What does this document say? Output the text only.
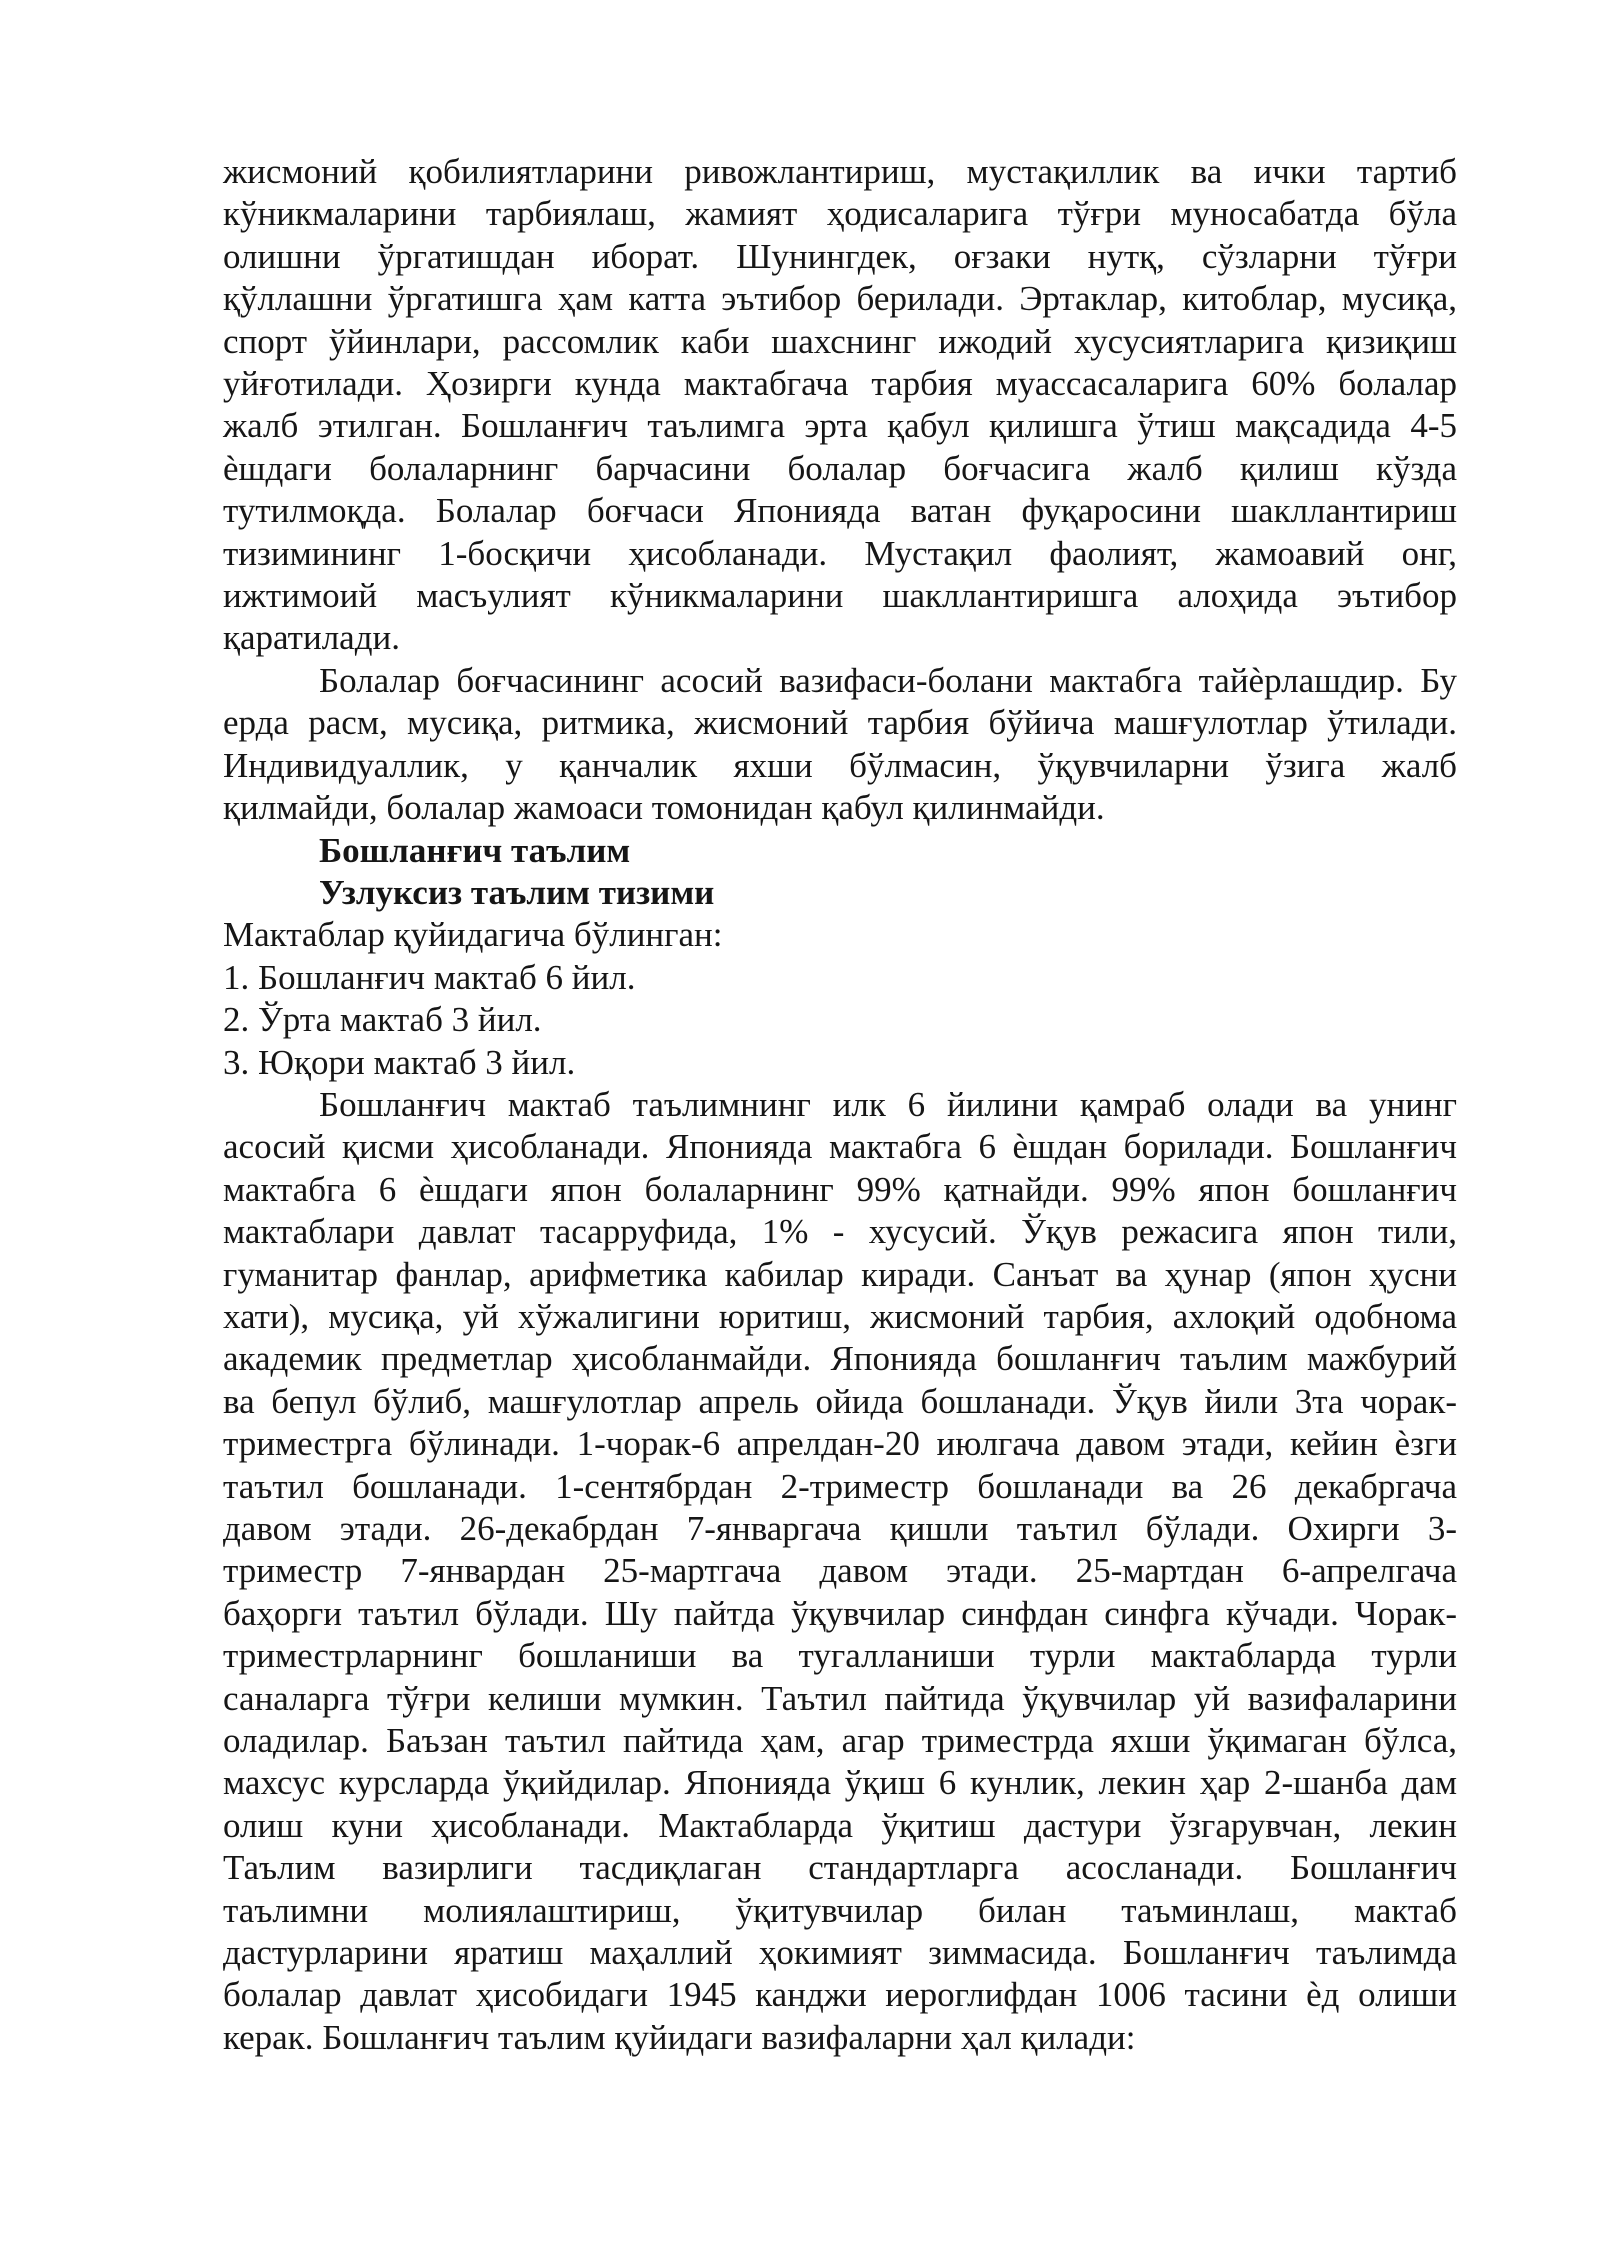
жисмоний қобилиятларини ривожлантириш, мустақиллик ва ички тартиб
кўникмаларини тарбиялаш, жамият ҳодисаларига тўғри муносабатда бўла
олишни ўргатишдан иборат. Шунингдек, оғзаки нутқ, сўзларни тўғри
қўллашни ўргатишга ҳам катта эътибор берилади. Эртаклар, китоблар, мусиқа,
спорт ўйинлари, рассомлик каби шахснинг ижодий хусусиятларига қизиқиш
уйғотилади. Ҳозирги кунда мактабгача тарбия муассасаларига 60% болалар
жалб этилган. Бошланғич таълимга эрта қабул қилишга ўтиш мақсадида 4-5
ѐшдаги болаларнинг барчасини болалар боғчасига жалб қилиш кўзда
тутилмоқда. Болалар боғчаси Японияда ватан фуқаросини шакллантириш
тизимининг 1-босқичи ҳисобланади. Мустақил фаолият, жамоавий онг,
ижтимоий масъулият кўникмаларини шакллантиришга алоҳида эътибор
қаратилади.
Болалар боғчасининг асосий вазифаси-болани мактабга тайѐрлашдир. Бу
ерда расм, мусиқа, ритмика, жисмоний тарбия бўйича машғулотлар ўтилади.
Индивидуаллик, у қанчалик яхши бўлмасин, ўқувчиларни ўзига жалб
қилмайди, болалар жамоаси томонидан қабул қилинмайди.
Бошланғич таълим
Узлуксиз таълим тизими
Мактаблар қуйидагича бўлинган:
1. Бошланғич мактаб 6 йил.
2. Ўрта мактаб 3 йил.
3. Юқори мактаб 3 йил.
Бошланғич мактаб таълимнинг илк 6 йилини қамраб олади ва унинг
асосий қисми ҳисобланади. Японияда мактабга 6 ѐшдан борилади. Бошланғич
мактабга 6 ѐшдаги япон болаларнинг 99% қатнайди. 99% япон бошланғич
мактаблари давлат тасарруфида, 1% - хусусий. Ўқув режасига япон тили,
гуманитар фанлар, арифметика кабилар киради. Санъат ва ҳунар (япон ҳусни
хати), мусиқа, уй хўжалигини юритиш, жисмоний тарбия, ахлоқий одобнома
академик предметлар ҳисобланмайди. Японияда бошланғич таълим мажбурий
ва бепул бўлиб, машғулотлар апрель ойида бошланади. Ўқув йили 3та чорак-
триместрга бўлинади. 1-чорак-6 апрелдан-20 июлгача давом этади, кейин ѐзги
таътил бошланади. 1-сентябрдан 2-триместр бошланади ва 26 декабргача
давом этади. 26-декабрдан 7-январгача қишли таътил бўлади. Охирги 3-
триместр 7-январдан 25-мартгача давом этади. 25-мартдан 6-апрелгача
баҳорги таътил бўлади. Шу пайтда ўқувчилар синфдан синфга кўчади. Чорак-
триместрларнинг бошланиши ва тугалланиши турли мактабларда турли
саналарга тўғри келиши мумкин. Таътил пайтида ўқувчилар уй вазифаларини
оладилар. Баъзан таътил пайтида ҳам, агар триместрда яхши ўқимаган бўлса,
махсус курсларда ўқийдилар. Японияда ўқиш 6 кунлик, лекин ҳар 2-шанба дам
олиш куни ҳисобланади. Мактабларда ўқитиш дастури ўзгарувчан, лекин
Таълим вазирлиги тасдиқлаган стандартларга асосланади. Бошланғич
таълимни молиялаштириш, ўқитувчилар билан таъминлаш, мактаб
дастурларини яратиш маҳаллий ҳокимият зиммасида. Бошланғич таълимда
болалар давлат ҳисобидаги 1945 канджи иероглифдан 1006 тасини ѐд олиши
керак. Бошланғич таълим қуйидаги вазифаларни ҳал қилади:
